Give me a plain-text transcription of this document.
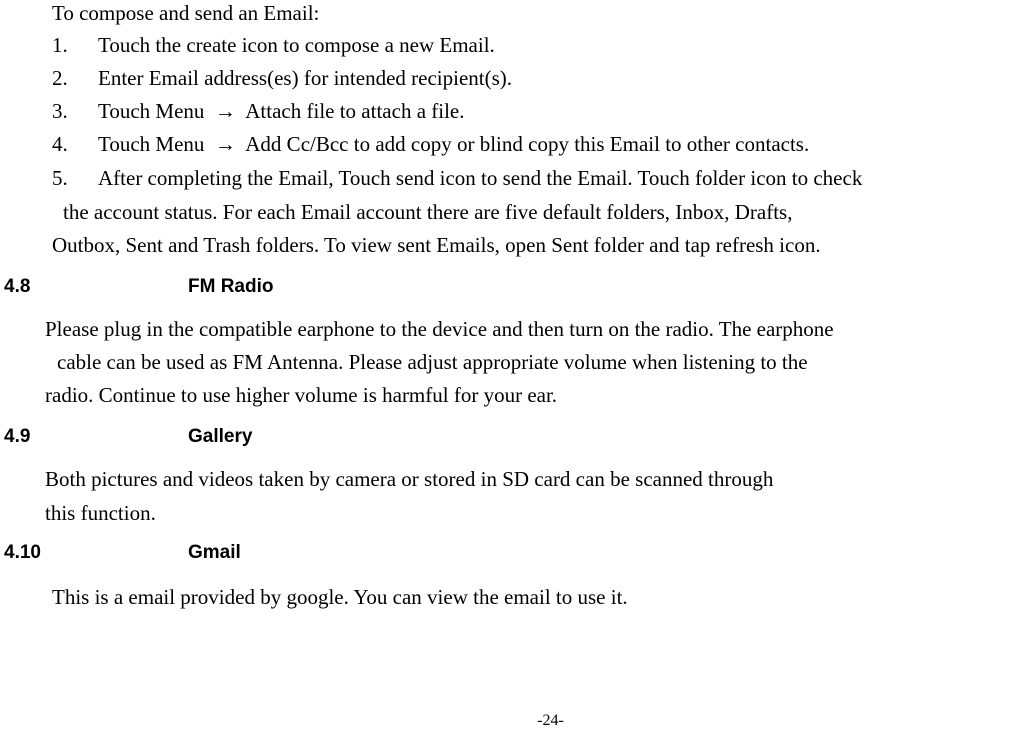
To compose and send an Email:
1. Touch the create icon to compose a new Email.
2. Enter Email address(es) for intended recipient(s).
3. Touch Menu  →  Attach file to attach a file.
4. Touch Menu  →  Add Cc/Bcc to add copy or blind copy this Email to other contacts.
5. After completing the Email, Touch send icon to send the Email. Touch folder icon to check
the account status. For each Email account there are five default folders, Inbox, Drafts,
Outbox, Sent and Trash folders. To view sent Emails, open Sent folder and tap refresh icon.
4.8	FM Radio
Please plug in the compatible earphone to the device and then turn on the radio. The earphone
cable can be used as FM Antenna. Please adjust appropriate volume when listening to the
radio. Continue to use higher volume is harmful for your ear.
4.9	Gallery
Both pictures and videos taken by camera or stored in SD card can be scanned through
this function.
4.10	Gmail
This is a email provided by google. You can view the email to use it.
-24-
